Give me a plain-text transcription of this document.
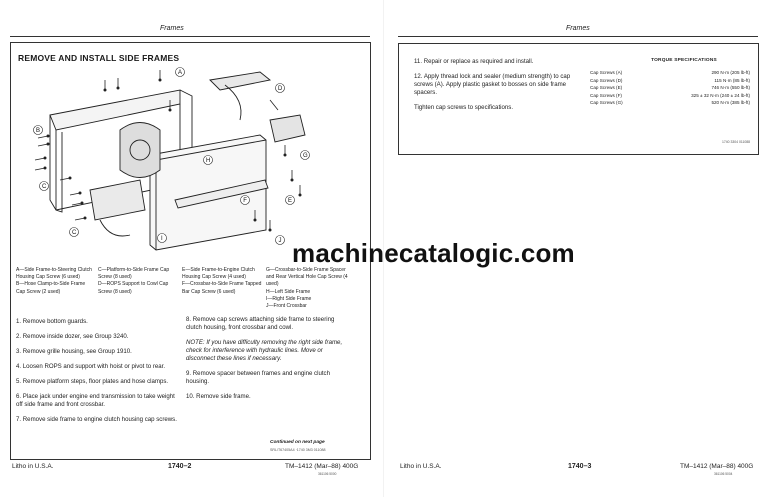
Frames
REMOVE AND INSTALL SIDE FRAMES
B
C
C
H
I
G
J
A
D
F	E
A—Side Frame-to-Steering Clutch Housing Cap Screw (6 used)
B—Hose Clamp-to-Side Frame Cap Screw (2 used)
C—Platform-to-Side Frame Cap Screw (8 used)
D—ROPS Support to Cowl Cap Screw (8 used)
E—Side Frame-to-Engine Clutch Housing Cap Screw (4 used)
F—Crossbar-to-Side Frame Tapped Bar Cap Screw (6 used)
G—Crossbar-to-Side Frame Spacer and Rear Vertical Hole Cap Screw (4 used)
H—Left Side Frame
I—Right Side Frame
J—Front Crossbar
1. Remove bottom guards.
2. Remove inside dozer, see Group 3240.
3. Remove grille housing, see Group 1910.
4. Loosen ROPS and support with hoist or pivot to rear.
5. Remove platform steps, floor plates and hose clamps.
6. Place jack under engine end transmission to take weight off side frame and front crossbar.
7. Remove side frame to engine clutch housing cap screws.
8. Remove cap screws attaching side frame to steering clutch housing, front crossbar and cowl.
NOTE: If you have difficulty removing the right side frame, check for interference with hydraulic lines. Move or disconnect these lines if necessary.
9. Remove spacer between frames and engine clutch housing.
10. Remove side frame.
Continued on next page
SRL/T67405A4 ·1740 3M3 011088
Litho in U.S.A.	1740–2	TM–1412 (Mar–88) 400G
361106 5000
Frames
11. Repair or replace as required and install.
12. Apply thread lock and sealer (medium strength) to cap screws (A). Apply plastic gasket to bosses on side frame spacers.
Tighten cap screws to specifications.
TORQUE SPECIFICATIONS
Cap Screws (A)	290 N·m (205 lb-ft)
Cap Screws (D)	115 N·m (85 lb-ft)
Cap Screws (E)	746 N·m (550 lb-ft)
Cap Screws (F)	325 ± 32 N·m (240 ± 24 lb-ft)
Cap Screws (G)	520 N·m (385 lb-ft)
1740 3304 011088
Litho in U.S.A.	1740–3	TM–1412 (Mar–88) 400G
361106 5004
machinecatalogic.com
